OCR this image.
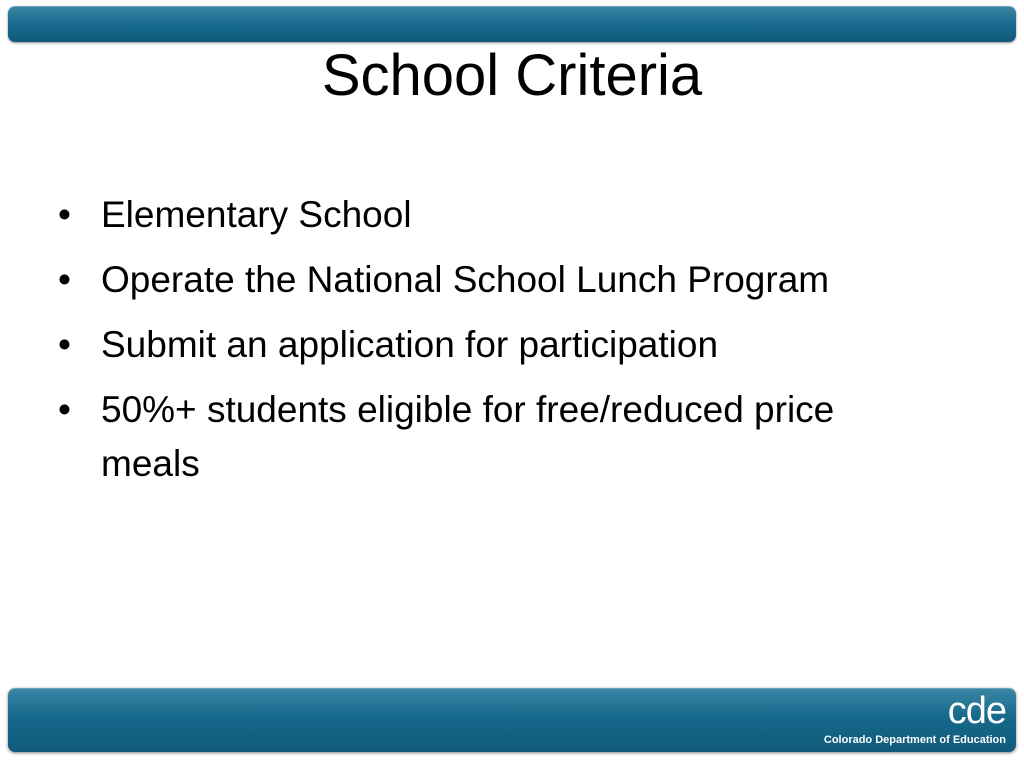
School Criteria
• Elementary School
• Operate the National School Lunch Program
• Submit an application for participation
• 50%+ students eligible for free/reduced price meals
cde
Colorado Department of Education
